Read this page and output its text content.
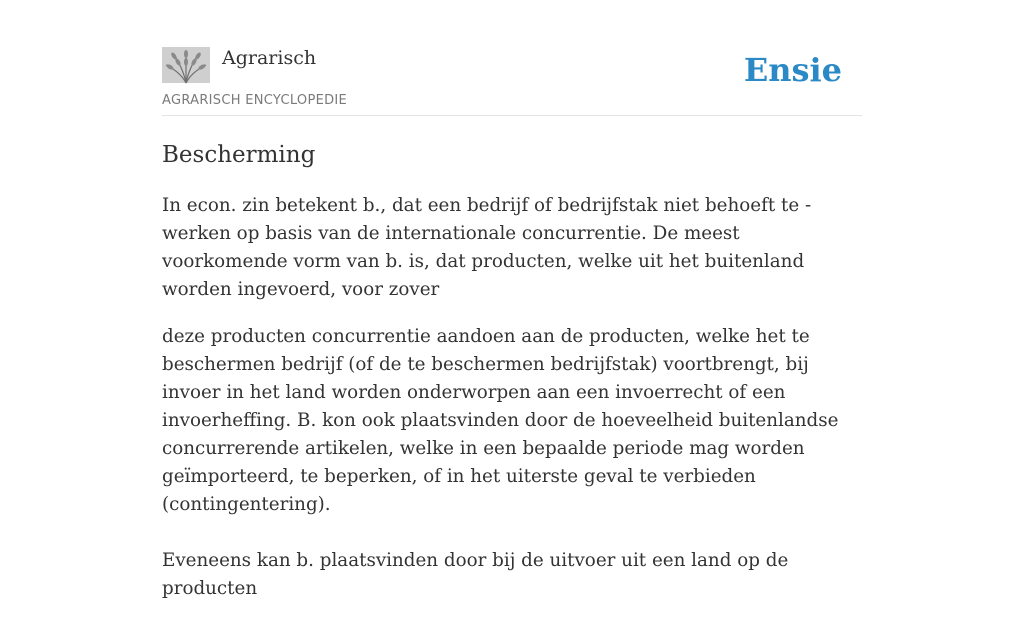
Agrarisch
AGRARISCH ENCYCLOPEDIE
Ensie
Bescherming

In econ. zin betekent b., dat een bedrijf of bedrijfstak niet behoeft te -werken op basis van de internationale concurrentie. De meest voorkomende vorm van b. is, dat producten, welke uit het buitenland worden ingevoerd, voor zover

deze producten concurrentie aandoen aan de producten, welke het te beschermen bedrijf (of de te beschermen bedrijfstak) voortbrengt, bij invoer in het land worden onderworpen aan een invoerrecht of een invoerheffing. B. kon ook plaatsvinden door de hoeveelheid buitenlandse concurrerende artikelen, welke in een bepaalde periode mag worden geïmporteerd, te beperken, of in het uiterste geval te verbieden (contingentering).

Eveneens kan b. plaatsvinden door bij de uitvoer uit een land op de producten
